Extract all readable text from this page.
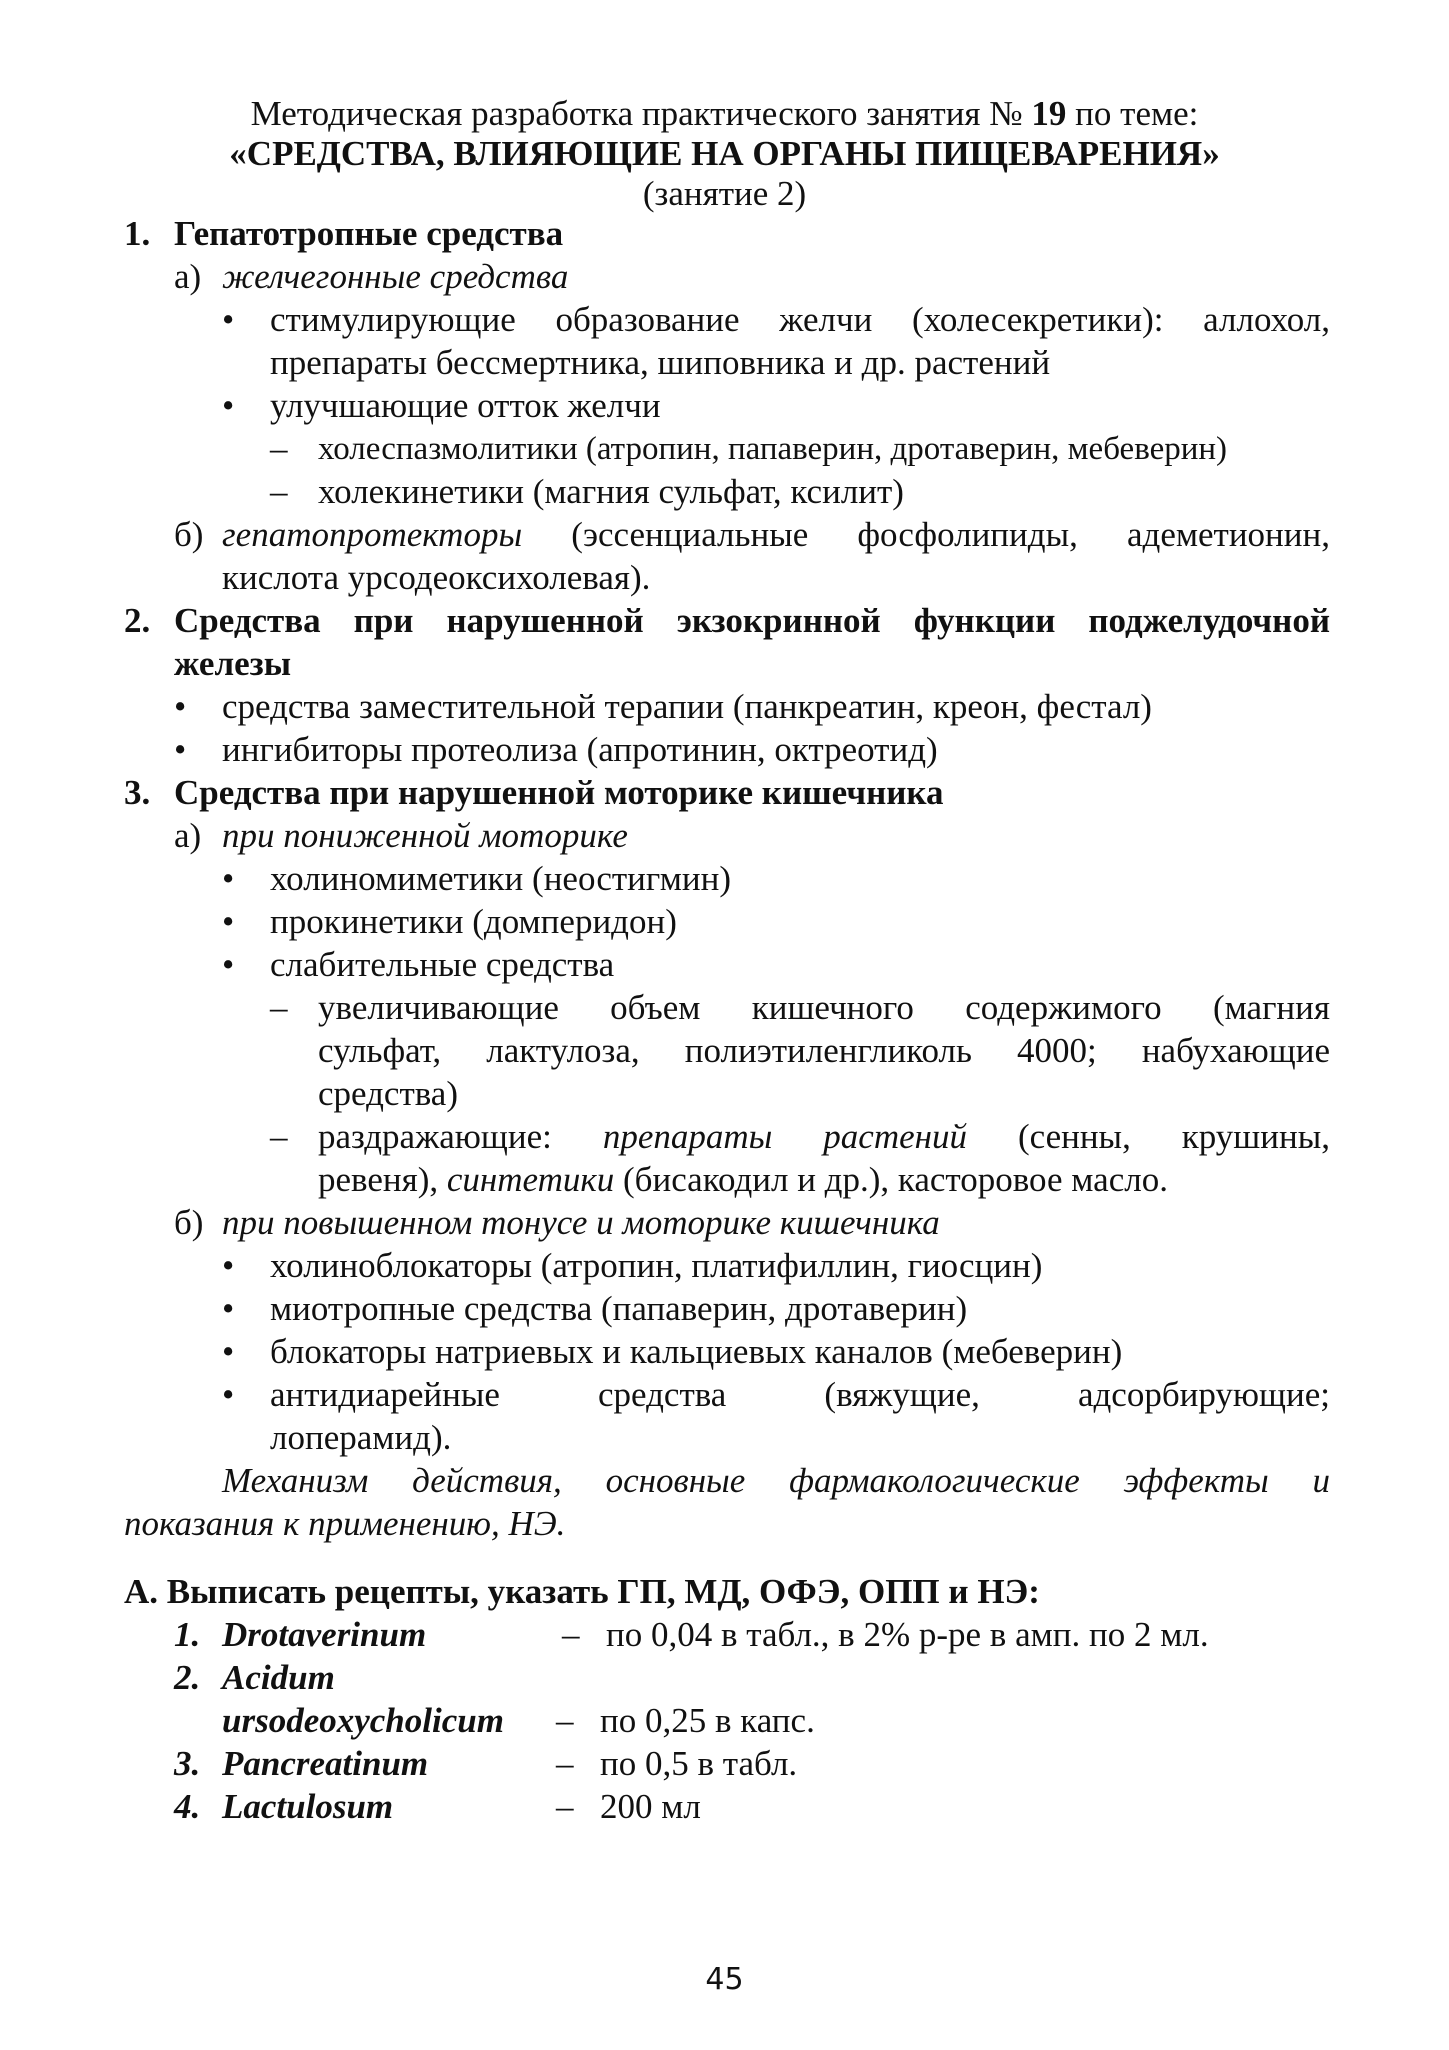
Методическая разработка практического занятия № 19 по теме:
«СРЕДСТВА, ВЛИЯЮЩИЕ НА ОРГАНЫ ПИЩЕВАРЕНИЯ»
(занятие 2)
1. Гепатотропные средства
а) желчегонные средства
• стимулирующие образование желчи (холесекретики): аллохол,
препараты бессмертника, шиповника и др. растений
• улучшающие отток желчи
– холеспазмолитики (атропин, папаверин, дротаверин, мебеверин)
– холекинетики (магния сульфат, ксилит)
б) гепатопротекторы (эссенциальные фосфолипиды, адеметионин,
кислота урсодеоксихолевая).
2. Средства при нарушенной экзокринной функции поджелудочной
железы
• средства заместительной терапии (панкреатин, креон, фестал)
• ингибиторы протеолиза (апротинин, октреотид)
3. Средства при нарушенной моторике кишечника
а) при пониженной моторике
• холиномиметики (неостигмин)
• прокинетики (домперидон)
• слабительные средства
– увеличивающие объем кишечного содержимого (магния
сульфат, лактулоза, полиэтиленгликоль 4000; набухающие
средства)
– раздражающие: препараты растений (сенны, крушины,
ревеня), синтетики (бисакодил и др.), касторовое масло.
б) при повышенном тонусе и моторике кишечника
• холиноблокаторы (атропин, платифиллин, гиосцин)
• миотропные средства (папаверин, дротаверин)
• блокаторы натриевых и кальциевых каналов (мебеверин)
• антидиарейные средства (вяжущие, адсорбирующие;
лоперамид).
Механизм действия, основные фармакологические эффекты и
показания к применению, НЭ.
А. Выписать рецепты, указать ГП, МД, ОФЭ, ОПП и НЭ:
1. Drotaverinum	– по 0,04 в табл., в 2% р-ре в амп. по 2 мл.
2. Acidum
ursodeoxycholicum – по 0,25 в капс.
3. Pancreatinum	– по 0,5 в табл.
4. Lactulosum	– 200 мл
45
